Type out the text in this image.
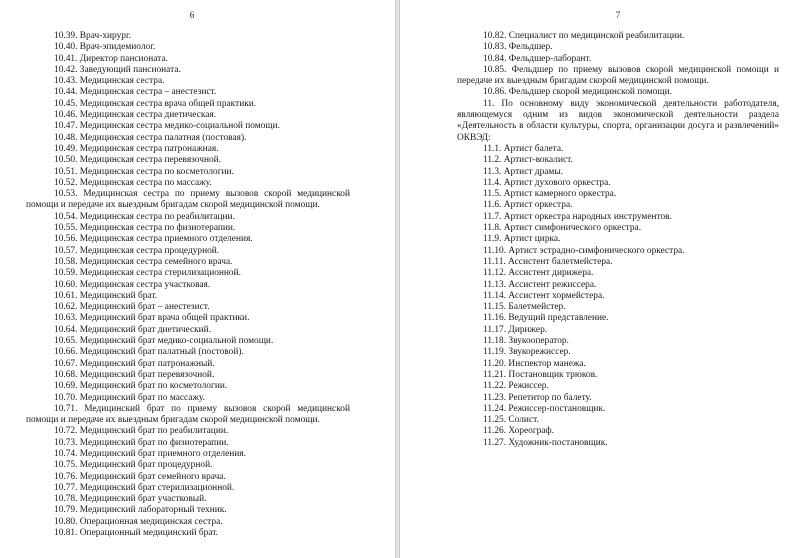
6	7
10.39. Врач-хирург.
10.40. Врач-эпидемиолог.
10.41. Директор пансионата.
10.42. Заведующий пансионата.
10.43. Медицинская сестра.
10.44. Медицинская сестра – анестезист.
10.45. Медицинская сестра врача общей практики.
10.46. Медицинская сестра диетическая.
10.47. Медицинская сестра медико-социальной помощи.
10.48. Медицинская сестра палатная (постовая).
10.49. Медицинская сестра патронажная.
10.50. Медицинская сестра перевязочной.
10.51. Медицинская сестра по косметологии.
10.52. Медицинская сестра по массажу.
10.53. Медицинская сестра по приему вызовов скорой медицинской помощи и передаче их выездным бригадам скорой медицинской помощи.
10.54. Медицинская сестра по реабилитации.
10.55. Медицинская сестра по физиотерапии.
10.56. Медицинская сестра приемного отделения.
10.57. Медицинская сестра процедурной.
10.58. Медицинская сестра семейного врача.
10.59. Медицинская сестра стерилизационной.
10.60. Медицинская сестра участковая.
10.61. Медицинский брат.
10.62. Медицинский брат – анестезист.
10.63. Медицинский брат врача общей практики.
10.64. Медицинский брат диетический.
10.65. Медицинский брат медико-социальной помощи.
10.66. Медицинский брат палатный (постовой).
10.67. Медицинский брат патронажный.
10.68. Медицинский брат перевязочной.
10.69. Медицинский брат по косметологии.
10.70. Медицинский брат по массажу.
10.71. Медицинский брат по приему вызовов скорой медицинской помощи и передаче их выездным бригадам скорой медицинской помощи.
10.72. Медицинский брат по реабилитации.
10.73. Медицинский брат по физиотерапии.
10.74. Медицинский брат приемного отделения.
10.75. Медицинский брат процедурной.
10.76. Медицинский брат семейного врача.
10.77. Медицинский брат стерилизационной.
10.78. Медицинский брат участковый.
10.79. Медицинский лабораторный техник.
10.80. Операционная медицинская сестра.
10.81. Операционный медицинский брат.
10.82. Специалист по медицинской реабилитации.
10.83. Фельдшер.
10.84. Фельдшер-лаборант.
10.85. Фельдшер по приему вызовов скорой медицинской помощи и передаче их выездным бригадам скорой медицинской помощи.
10.86. Фельдшер скорой медицинской помощи.
11. По основному виду экономической деятельности работодателя, являющемуся одним из видов экономической деятельности раздела «Деятельность в области культуры, спорта, организации досуга и развлечений» ОКВЭД:
11.1. Артист балета.
11.2. Артист-вокалист.
11.3. Артист драмы.
11.4. Артист духового оркестра.
11.5. Артист камерного оркестра.
11.6. Артист оркестра.
11.7. Артист оркестра народных инструментов.
11.8. Артист симфонического оркестра.
11.9. Артист цирка.
11.10. Артист эстрадно-симфонического оркестра.
11.11. Ассистент балетмейстера.
11.12. Ассистент дирижера.
11.13. Ассистент режиссера.
11.14. Ассистент хормейстера.
11.15. Балетмейстер.
11.16. Ведущий представление.
11.17. Дирижер.
11.18. Звукооператор.
11.19. Звукорежиссер.
11.20. Инспектор манежа.
11.21. Постановщик трюков.
11.22. Режиссер.
11.23. Репетитор по балету.
11.24. Режиссер-постановщик.
11.25. Солист.
11.26. Хореограф.
11.27. Художник-постановщик.
